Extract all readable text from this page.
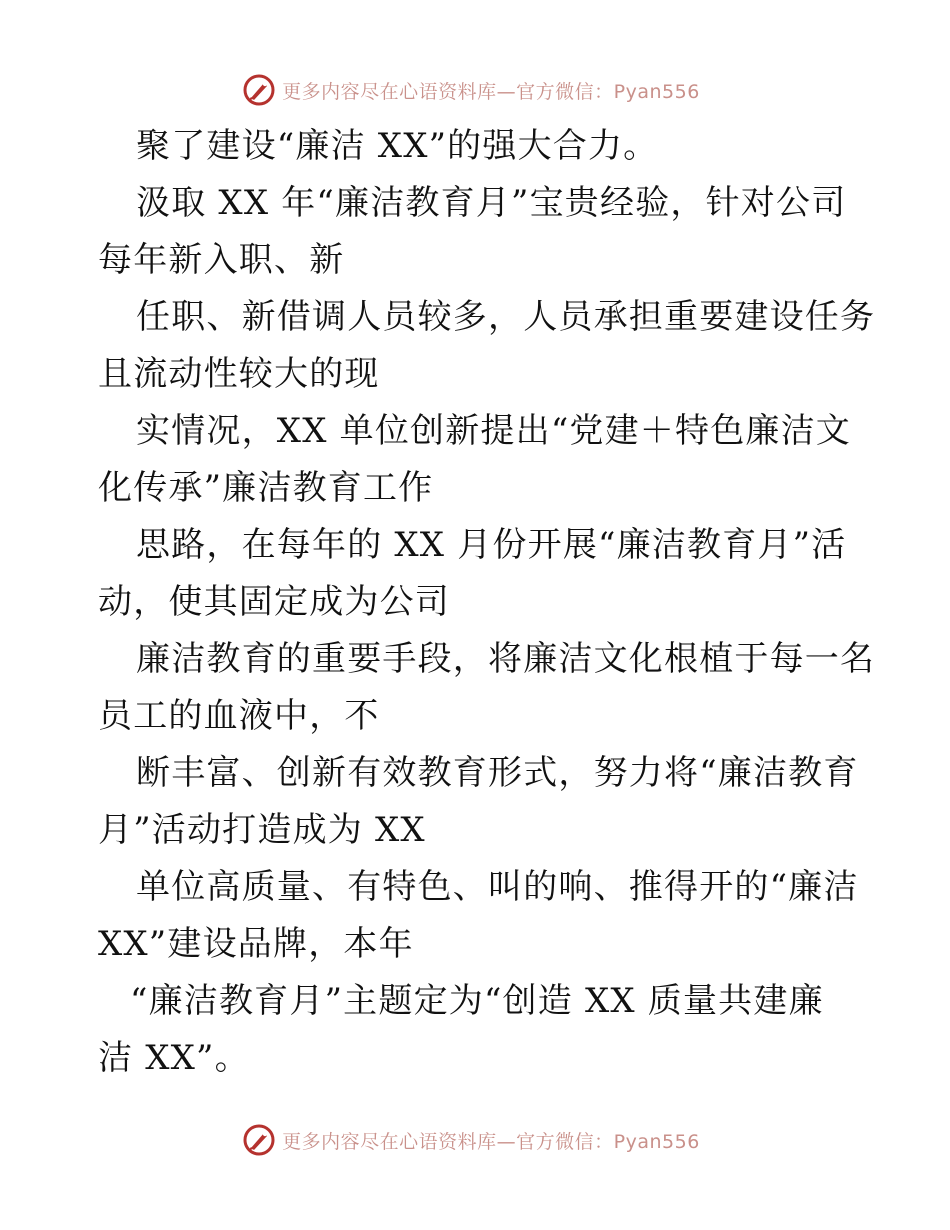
更多内容尽在心语资料库—官方微信：Pyan556
聚了建设“廉洁 XX”的强大合力。
汲取 XX 年“廉洁教育月”宝贵经验，针对公司
每年新入职、新
任职、新借调人员较多，人员承担重要建设任务
且流动性较大的现
实情况，XX 单位创新提出“党建＋特色廉洁文
化传承”廉洁教育工作
思路，在每年的 XX 月份开展“廉洁教育月”活
动，使其固定成为公司
廉洁教育的重要手段，将廉洁文化根植于每一名
员工的血液中，不
断丰富、创新有效教育形式，努力将“廉洁教育
月”活动打造成为 XX
单位高质量、有特色、叫的响、推得开的“廉洁
XX”建设品牌，本年
“廉洁教育月”主题定为“创造 XX 质量共建廉
洁 XX”。
更多内容尽在心语资料库—官方微信：Pyan556
